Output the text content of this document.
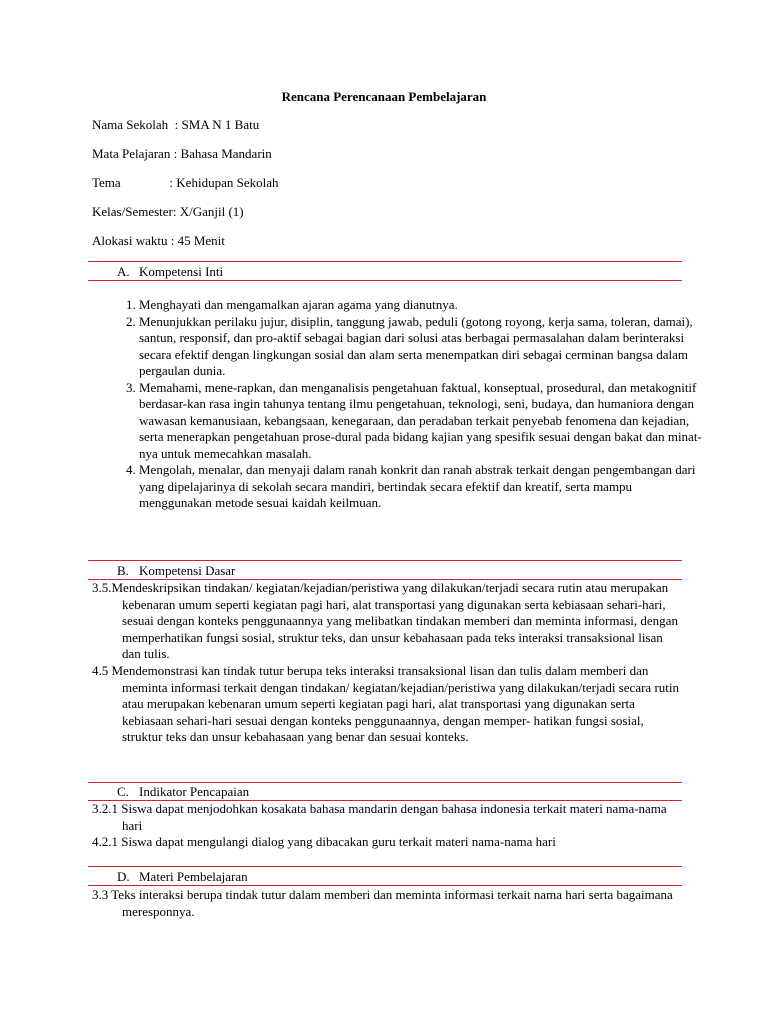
Rencana Perencanaan Pembelajaran
Nama Sekolah  : SMA N 1 Batu
Mata Pelajaran : Bahasa Mandarin
Tema               : Kehidupan Sekolah
Kelas/Semester: X/Ganjil (1)
Alokasi waktu : 45 Menit
A. Kompetensi Inti
1. Menghayati dan mengamalkan ajaran agama yang dianutnya.
2. Menunjukkan perilaku jujur, disiplin, tanggung jawab, peduli (gotong royong, kerja sama, toleran, damai), santun, responsif, dan pro-aktif sebagai bagian dari solusi atas berbagai permasalahan dalam berinteraksi secara efektif dengan lingkungan sosial dan alam serta menempatkan diri sebagai cerminan bangsa dalam pergaulan dunia.
3. Memahami, mene-rapkan, dan menganalisis pengetahuan faktual, konseptual, prosedural, dan metakognitif berdasar-kan rasa ingin tahunya tentang ilmu pengetahuan, teknologi, seni, budaya, dan humaniora dengan wawasan kemanusiaan, kebangsaan, kenegaraan, dan peradaban terkait penyebab fenomena dan kejadian, serta menerapkan pengetahuan prose-dural pada bidang kajian yang spesifik sesuai dengan bakat dan minat-nya untuk memecahkan masalah.
4. Mengolah, menalar, dan menyaji dalam ranah konkrit dan ranah abstrak terkait dengan pengembangan dari yang dipelajarinya di sekolah secara mandiri, bertindak secara efektif dan kreatif, serta mampu menggunakan metode sesuai kaidah keilmuan.
B. Kompetensi Dasar
3.5.Mendeskripsikan tindakan/ kegiatan/kejadian/peristiwa yang dilakukan/terjadi secara rutin atau merupakan kebenaran umum seperti kegiatan pagi hari, alat transportasi yang digunakan serta kebiasaan sehari-hari, sesuai dengan konteks penggunaannya yang melibatkan tindakan memberi dan meminta informasi, dengan memperhatikan fungsi sosial, struktur teks, dan unsur kebahasaan pada teks interaksi transaksional lisan dan tulis.
4.5 Mendemonstrasi kan tindak tutur berupa teks interaksi transaksional lisan dan tulis dalam memberi dan meminta informasi terkait dengan tindakan/ kegiatan/kejadian/peristiwa yang dilakukan/terjadi secara rutin atau merupakan kebenaran umum seperti kegiatan pagi hari, alat transportasi yang digunakan serta kebiasaan sehari-hari sesuai dengan konteks penggunaannya, dengan memper- hatikan fungsi sosial, struktur teks dan unsur kebahasaan yang benar dan sesuai konteks.
C. Indikator Pencapaian
3.2.1 Siswa dapat menjodohkan kosakata bahasa mandarin dengan bahasa indonesia terkait materi nama-nama hari
4.2.1 Siswa dapat mengulangi dialog yang dibacakan guru terkait materi nama-nama hari
D. Materi Pembelajaran
3.3 Teks interaksi berupa tindak tutur dalam memberi dan meminta informasi terkait nama hari serta bagaimana meresponnya.
